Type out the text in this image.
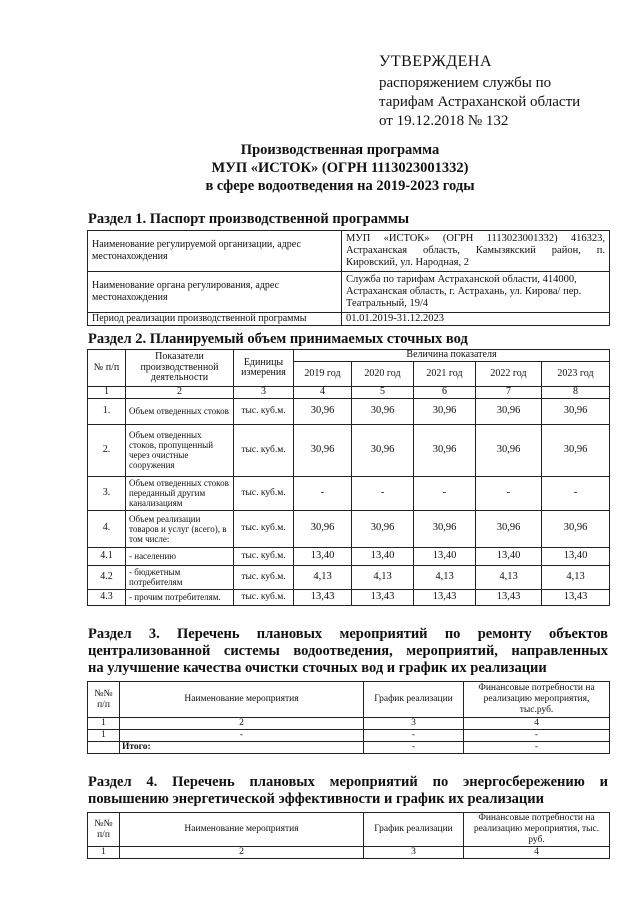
УТВЕРЖДЕНА
распоряжением службы по
тарифам Астраханской области
от 19.12.2018 № 132
Производственная программа
МУП «ИСТОК» (ОГРН 1113023001332)
в сфере водоотведения на 2019-2023 годы
Раздел 1. Паспорт производственной программы
Наименование регулируемой организации, адрес местонахождения	МУП «ИСТОК» (ОГРН 1113023001332) 416323, Астраханская область, Камызякский район, п. Кировский, ул. Народная, 2
Наименование органа регулирования, адрес местонахождения	Служба по тарифам Астраханской области, 414000, Астраханская область, г. Астрахань, ул. Кирова/ пер. Театральный, 19/4
Период реализации производственной программы	01.01.2019-31.12.2023
Раздел 2. Планируемый объем принимаемых сточных вод
№ п/п	Показатели производственной деятельности	Единицы измерения	Величина показателя				
			2019 год	2020 год	2021 год	2022 год	2023 год
1	2	3	4	5	6	7	8
1.	Объем отведенных стоков	тыс. куб.м.	30,96	30,96	30,96	30,96	30,96
2.	Объем отведенных стоков, пропущенный через очистные сооружения	тыс. куб.м.	30,96	30,96	30,96	30,96	30,96
3.	Объем отведенных стоков переданный другим канализациям	тыс. куб.м.	-	-	-	-	-
4.	Объем реализации товаров и услуг (всего), в том числе:	тыс. куб.м.	30,96	30,96	30,96	30,96	30,96
4.1	- населению	тыс. куб.м.	13,40	13,40	13,40	13,40	13,40
4.2	- бюджетным потребителям	тыс. куб.м.	4,13	4,13	4,13	4,13	4,13
4.3	- прочим потребителям.	тыс. куб.м.	13,43	13,43	13,43	13,43	13,43
Раздел 3. Перечень плановых мероприятий по ремонту объектов
централизованной системы водоотведения, мероприятий, направленных
на улучшение качества очистки сточных вод и график их реализации
№№ п/п	Наименование мероприятия	График реализации	Финансовые потребности на реализацию мероприятия, тыс.руб.
1	2	3	4
1	-	-	-
	Итого:	-	-
Раздел 4. Перечень плановых мероприятий по энергосбережению и
повышению энергетической эффективности и график их реализации
№№ п/п	Наименование мероприятия	График реализации	Финансовые потребности на реализацию мероприятия, тыс. руб.
1	2	3	4
